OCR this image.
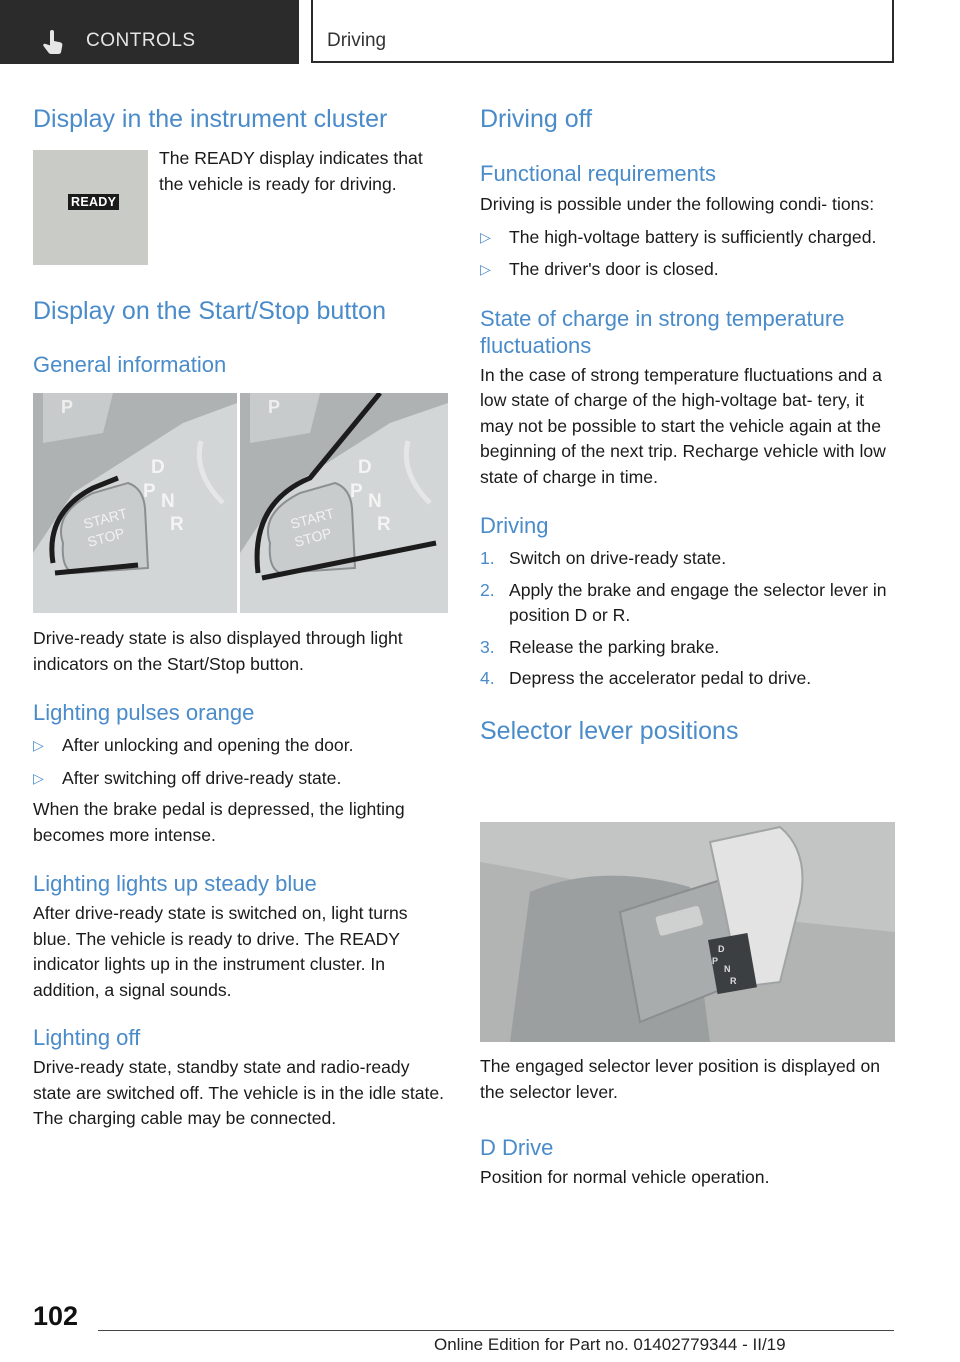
CONTROLS	Driving
Display in the instrument cluster
READY

The READY display indicates that the vehicle is ready for driving.

Display on the Start/Stop button
General information
P
START
STOP
D
P N
R
P
START
STOP
D
P N
R

Drive-ready state is also displayed through light indicators on the Start/Stop button.

Lighting pulses orange
▷ After unlocking and opening the door.
▷ After switching off drive-ready state.

When the brake pedal is depressed, the lighting becomes more intense.

Lighting lights up steady blue

After drive-ready state is switched on, light turns blue. The vehicle is ready to drive. The READY indicator lights up in the instrument cluster. In addition, a signal sounds.

Lighting off

Drive-ready state, standby state and radio-ready state are switched off. The vehicle is in the idle state. The charging cable may be connected.

Driving off
Functional requirements

Driving is possible under the following condi- tions:

▷ The high-voltage battery is sufficiently charged.
▷ The driver's door is closed.
State of charge in strong temperature
fluctuations

In the case of strong temperature fluctuations and a low state of charge of the high-voltage bat- tery, it may not be possible to start the vehicle again at the beginning of the next trip. Recharge vehicle with low state of charge in time.

Driving
1. Switch on drive-ready state.
2. Apply the brake and engage the selector lever in position D or R.
3. Release the parking brake.
4. Depress the accelerator pedal to drive.
Selector lever positions
D
P
N
R

The engaged selector lever position is displayed on the selector lever.

D Drive

Position for normal vehicle operation.

102
Online Edition for Part no. 01402779344 - II/19
